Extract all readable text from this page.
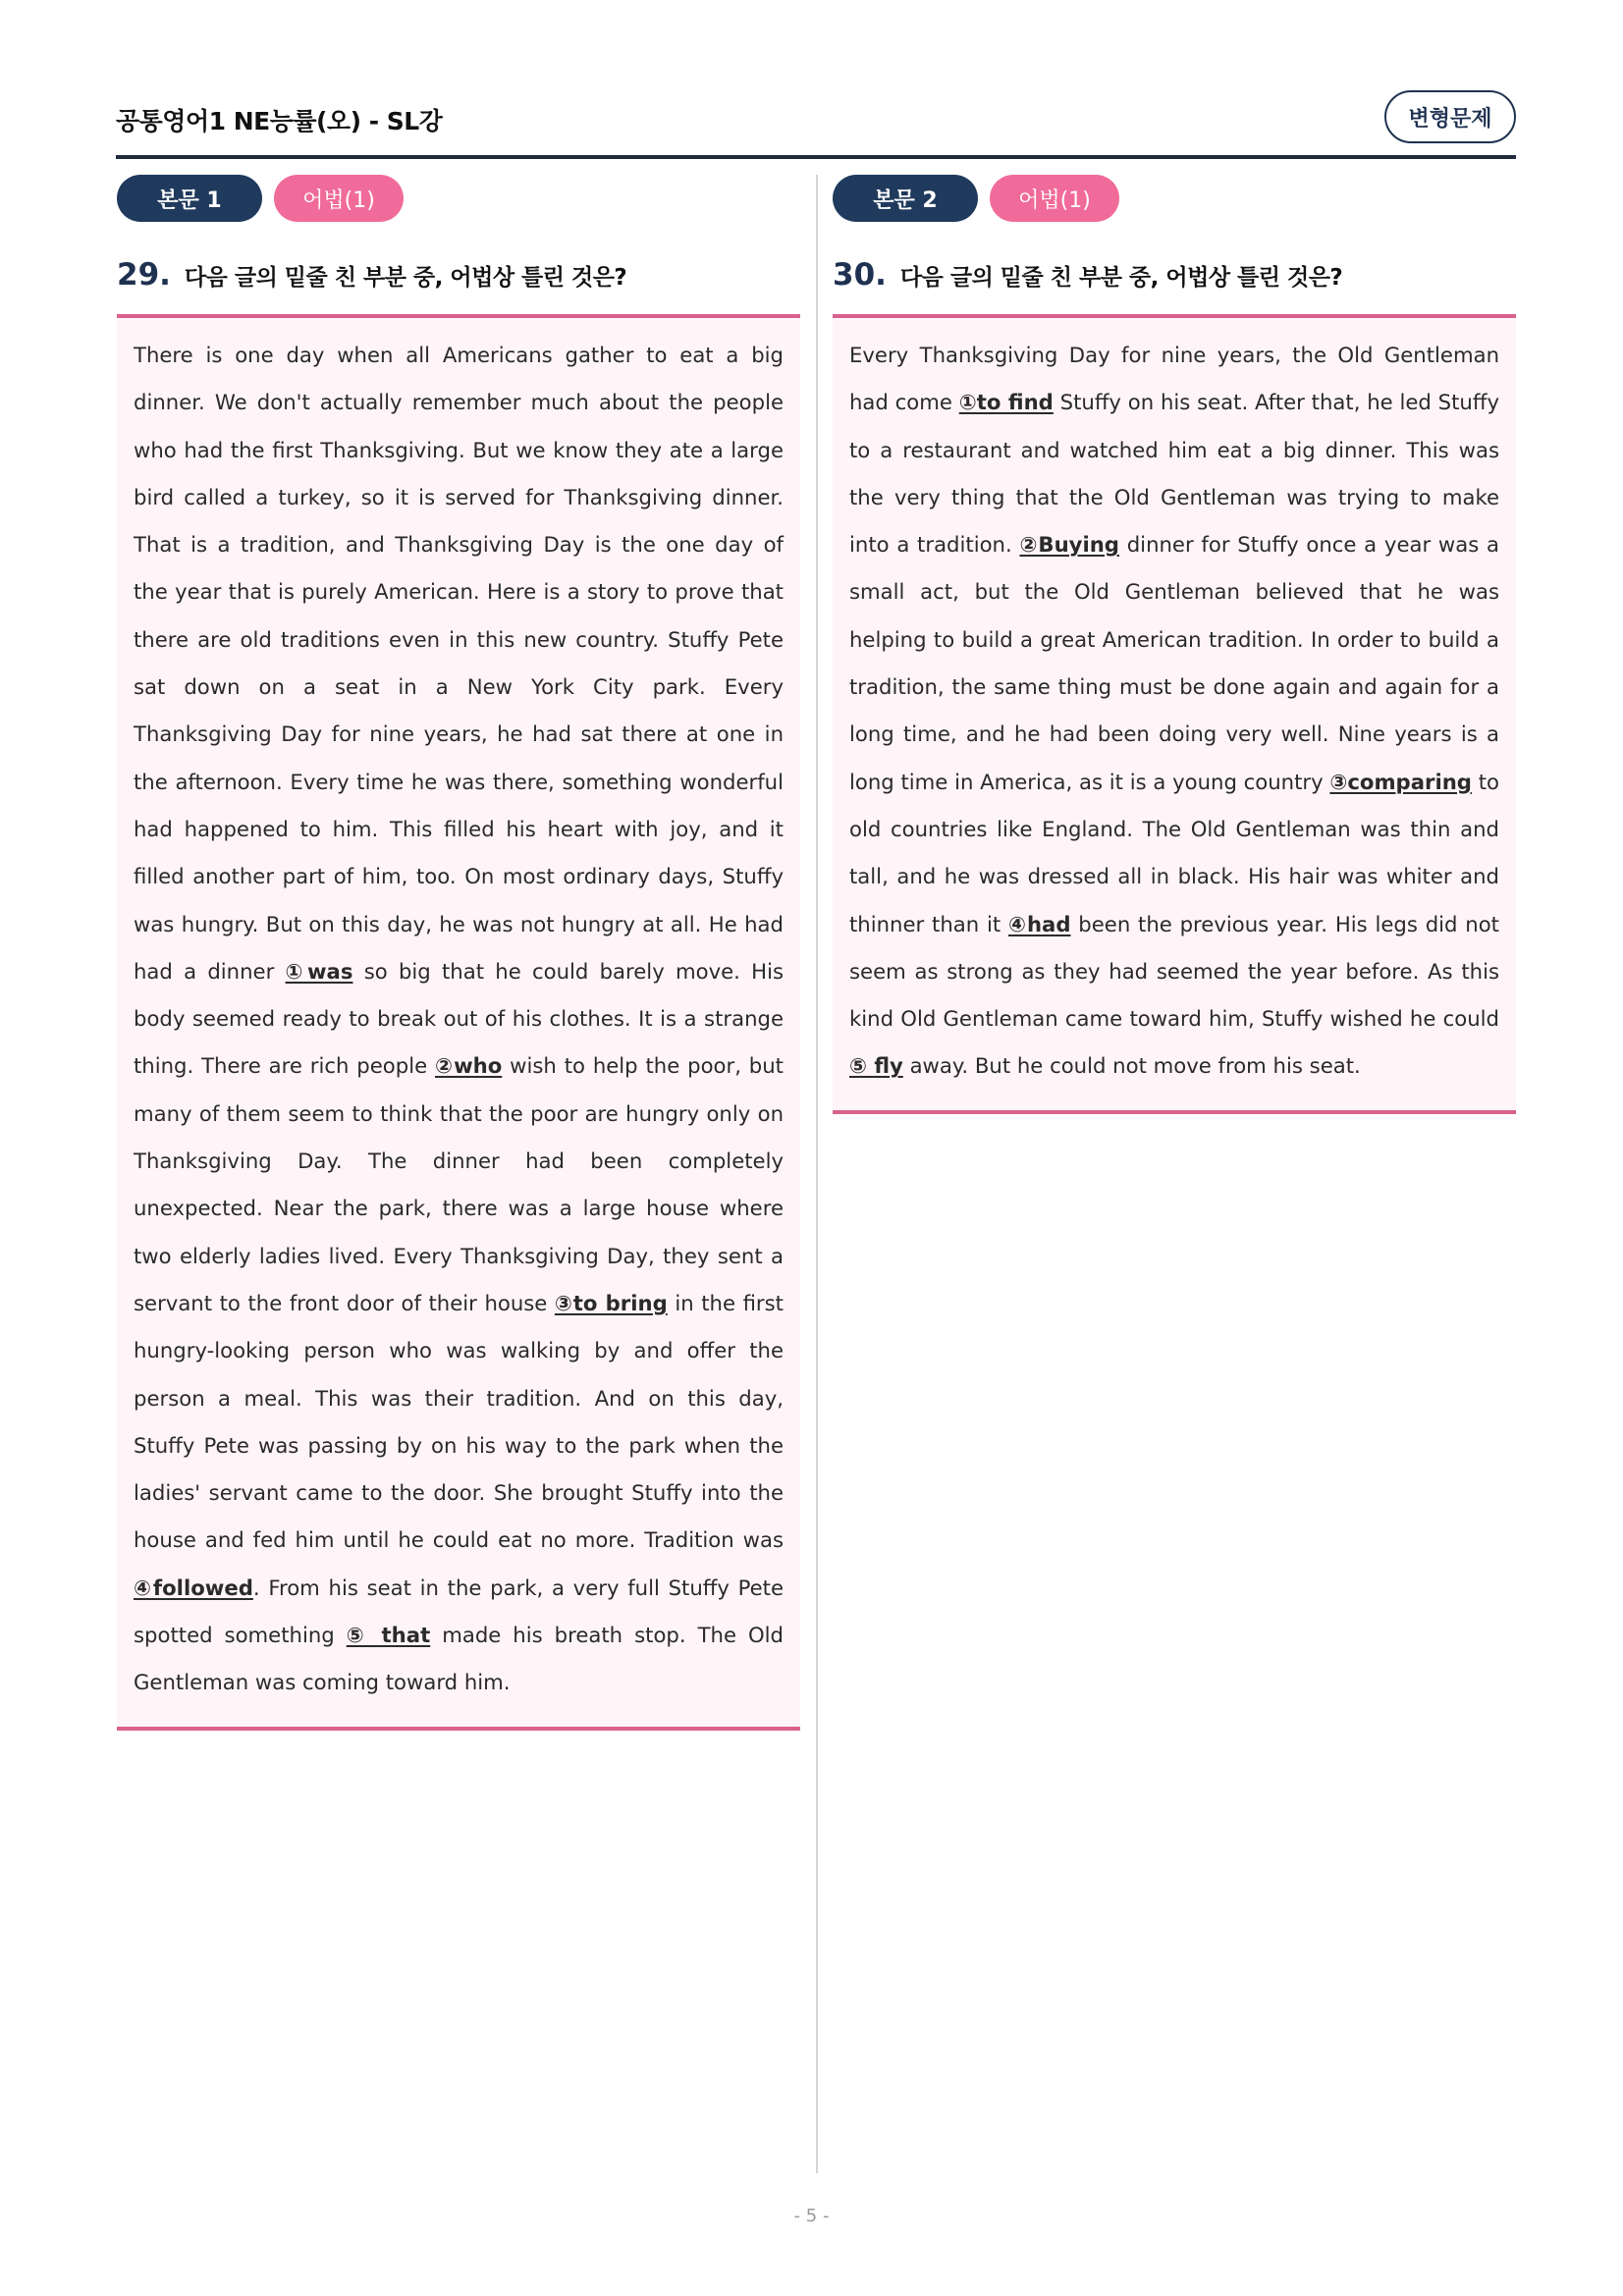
공통영어1 NE능률(오) - SL강	변형문제
본문 1	어법(1)
29. 다음 글의 밑줄 친 부분 중, 어법상 틀린 것은?
There is one day when all Americans gather to eat a big dinner. We don't actually remember much about the people who had the first Thanksgiving. But we know they ate a large bird called a turkey, so it is served for Thanksgiving dinner. That is a tradition, and Thanksgiving Day is the one day of the year that is purely American. Here is a story to prove that there are old traditions even in this new country. Stuffy Pete sat down on a seat in a New York City park. Every Thanksgiving Day for nine years, he had sat there at one in the afternoon. Every time he was there, something wonderful had happened to him. This filled his heart with joy, and it filled another part of him, too. On most ordinary days, Stuffy was hungry. But on this day, he was not hungry at all. He had had a dinner ①was so big that he could barely move. His body seemed ready to break out of his clothes. It is a strange thing. There are rich people ②who wish to help the poor, but many of them seem to think that the poor are hungry only on Thanksgiving Day. The dinner had been completely unexpected. Near the park, there was a large house where two elderly ladies lived. Every Thanksgiving Day, they sent a servant to the front door of their house ③to bring in the first hungry-looking person who was walking by and offer the person a meal. This was their tradition. And on this day, Stuffy Pete was passing by on his way to the park when the ladies' servant came to the door. She brought Stuffy into the house and fed him until he could eat no more. Tradition was ④followed. From his seat in the park, a very full Stuffy Pete spotted something ⑤ that made his breath stop. The Old Gentleman was coming toward him.
본문 2	어법(1)
30. 다음 글의 밑줄 친 부분 중, 어법상 틀린 것은?
Every Thanksgiving Day for nine years, the Old Gentleman had come ①to find Stuffy on his seat. After that, he led Stuffy to a restaurant and watched him eat a big dinner. This was the very thing that the Old Gentleman was trying to make into a tradition. ②Buying dinner for Stuffy once a year was a small act, but the Old Gentleman believed that he was helping to build a great American tradition. In order to build a tradition, the same thing must be done again and again for a long time, and he had been doing very well. Nine years is a long time in America, as it is a young country ③comparing to old countries like England. The Old Gentleman was thin and tall, and he was dressed all in black. His hair was whiter and thinner than it ④had been the previous year. His legs did not seem as strong as they had seemed the year before. As this kind Old Gentleman came toward him, Stuffy wished he could ⑤ fly away. But he could not move from his seat.
- 5 -
